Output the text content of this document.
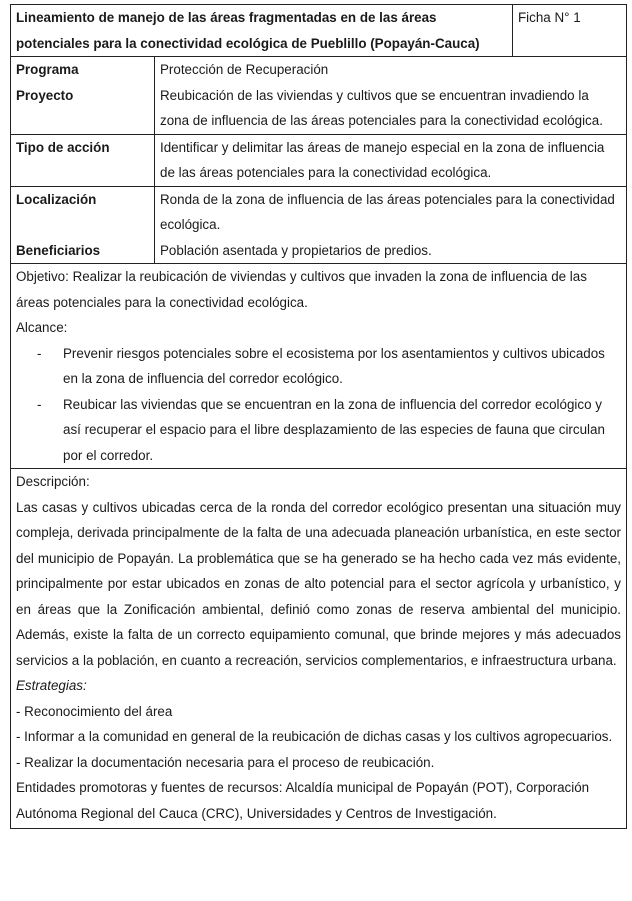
Lineamiento de manejo de las áreas fragmentadas en de las áreas potenciales para la conectividad ecológica de Pueblillo (Popayán-Cauca)	Ficha N° 1
Programa	Protección de Recuperación
Proyecto	Reubicación de las viviendas y cultivos que se encuentran invadiendo la zona de influencia de las áreas potenciales para la conectividad ecológica.
Tipo de acción	Identificar y delimitar las áreas de manejo especial en la zona de influencia de las áreas potenciales para la conectividad ecológica.
Localización	Ronda de la zona de influencia de las áreas potenciales para la conectividad ecológica.
Beneficiarios	Población asentada y propietarios de predios.
Objetivo: Realizar la reubicación de viviendas y cultivos que invaden la zona de influencia de las áreas potenciales para la conectividad ecológica.
Alcance:
-	Prevenir riesgos potenciales sobre el ecosistema por los asentamientos y cultivos ubicados en la zona de influencia del corredor ecológico.
-	Reubicar las viviendas que se encuentran en la zona de influencia del corredor ecológico y así recuperar el espacio para el libre desplazamiento de las especies de fauna que circulan por el corredor.
Descripción:
Las casas y cultivos ubicadas cerca de la ronda del corredor ecológico presentan una situación muy compleja, derivada principalmente de la falta de una adecuada planeación urbanística, en este sector del municipio de Popayán. La problemática que se ha generado se ha hecho cada vez más evidente, principalmente por estar ubicados en zonas de alto potencial para el sector agrícola y urbanístico, y en áreas que la Zonificación ambiental, definió como zonas de reserva ambiental del municipio. Además, existe la falta de un correcto equipamiento comunal, que brinde mejores y más adecuados servicios a la población, en cuanto a recreación, servicios complementarios, e infraestructura urbana.
Estrategias:
- Reconocimiento del área
- Informar a la comunidad en general de la reubicación de dichas casas y los cultivos agropecuarios.
- Realizar la documentación necesaria para el proceso de reubicación.
Entidades promotoras y fuentes de recursos: Alcaldía municipal de Popayán (POT), Corporación Autónoma Regional del Cauca (CRC), Universidades y Centros de Investigación.
